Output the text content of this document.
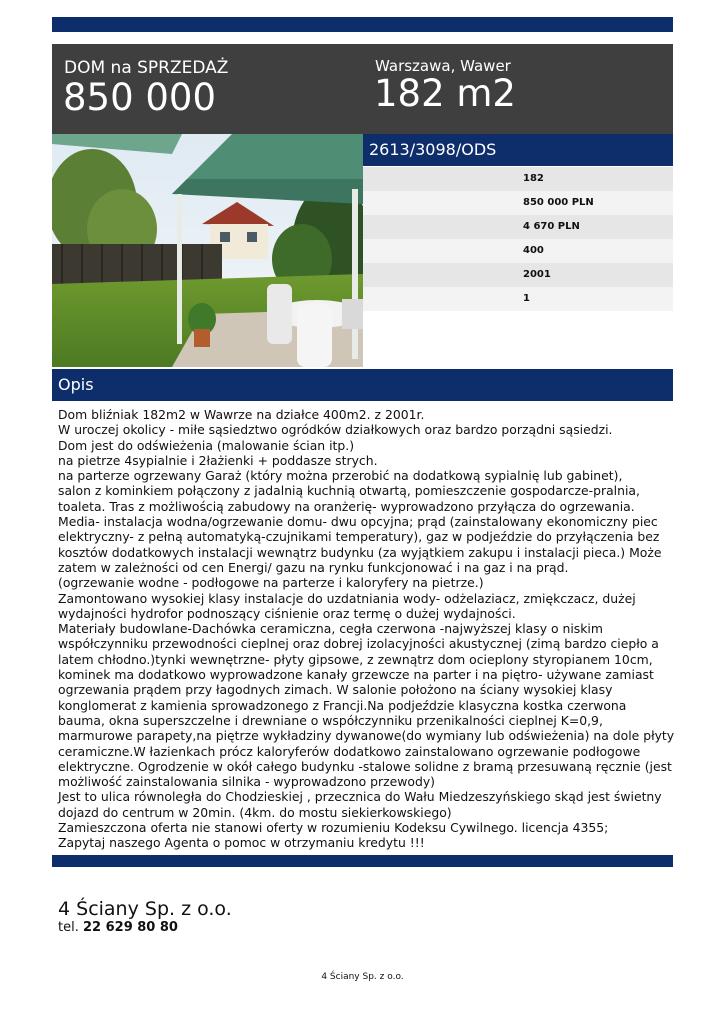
DOM na SPRZEDAŻ
850 000
Warszawa, Wawer
182 m2
2613/3098/ODS
182
850 000 PLN
4 670 PLN
400
2001
1
Opis
Dom bliźniak 182m2 w Wawrze na działce 400m2. z 2001r.
W uroczej okolicy - miłe sąsiedztwo ogródków działkowych oraz bardzo porządni sąsiedzi.
Dom jest do odświeżenia (malowanie ścian itp.)
na pietrze 4sypialnie i 2łażienki + poddasze strych.
na parterze ogrzewany Garaż (który można przerobić na dodatkową sypialnię lub gabinet),
salon z kominkiem połączony z jadalnią kuchnią otwartą, pomieszczenie gospodarcze-pralnia,
toaleta. Tras z możliwością zabudowy na oranżerię- wyprowadzono przyłącza do ogrzewania.
Media- instalacja wodna/ogrzewanie domu- dwu opcyjna; prąd (zainstalowany ekonomiczny piec
elektryczny- z pełną automatyką-czujnikami temperatury), gaz w podjeździe do przyłączenia bez
kosztów dodatkowych instalacji wewnątrz budynku (za wyjątkiem zakupu i instalacji pieca.) Może
zatem w zależności od cen Energi/ gazu na rynku funkcjonować i na gaz i na prąd.
(ogrzewanie wodne - podłogowe na parterze i kaloryfery na pietrze.)
Zamontowano wysokiej klasy instalacje do uzdatniania wody- odżelaziacz, zmiękczacz, dużej
wydajności hydrofor podnoszący ciśnienie oraz termę o dużej wydajności.
Materiały budowlane-Dachówka ceramiczna, cegła czerwona -najwyższej klasy o niskim
współczynniku przewodności cieplnej oraz dobrej izolacyjności akustycznej (zimą bardzo ciepło a
latem chłodno.)tynki wewnętrzne- płyty gipsowe, z zewnątrz dom ocieplony styropianem 10cm,
kominek ma dodatkowo wyprowadzone kanały grzewcze na parter i na piętro- używane zamiast
ogrzewania prądem przy łagodnych zimach. W salonie położono na ściany wysokiej klasy
konglomerat z kamienia sprowadzonego z Francji.Na podjeździe klasyczna kostka czerwona
bauma, okna superszczelne i drewniane o współczynniku przenikalności cieplnej K=0,9,
marmurowe parapety,na piętrze wykładziny dywanowe(do wymiany lub odświeżenia) na dole płyty
ceramiczne.W łazienkach prócz kaloryferów dodatkowo zainstalowano ogrzewanie podłogowe
elektryczne. Ogrodzenie w okół całego budynku -stalowe solidne z bramą przesuwaną ręcznie (jest
możliwość zainstalowania silnika - wyprowadzono przewody)
Jest to ulica równoległa do Chodzieskiej , przecznica do Wału Miedzeszyńskiego skąd jest świetny
dojazd do centrum w 20min. (4km. do mostu siekierkowskiego)
Zamieszczona oferta nie stanowi oferty w rozumieniu Kodeksu Cywilnego. licencja 4355;
Zapytaj naszego Agenta o pomoc w otrzymaniu kredytu !!!
4 Ściany Sp. z o.o.
tel. 22 629 80 80
4 Ściany Sp. z o.o.
